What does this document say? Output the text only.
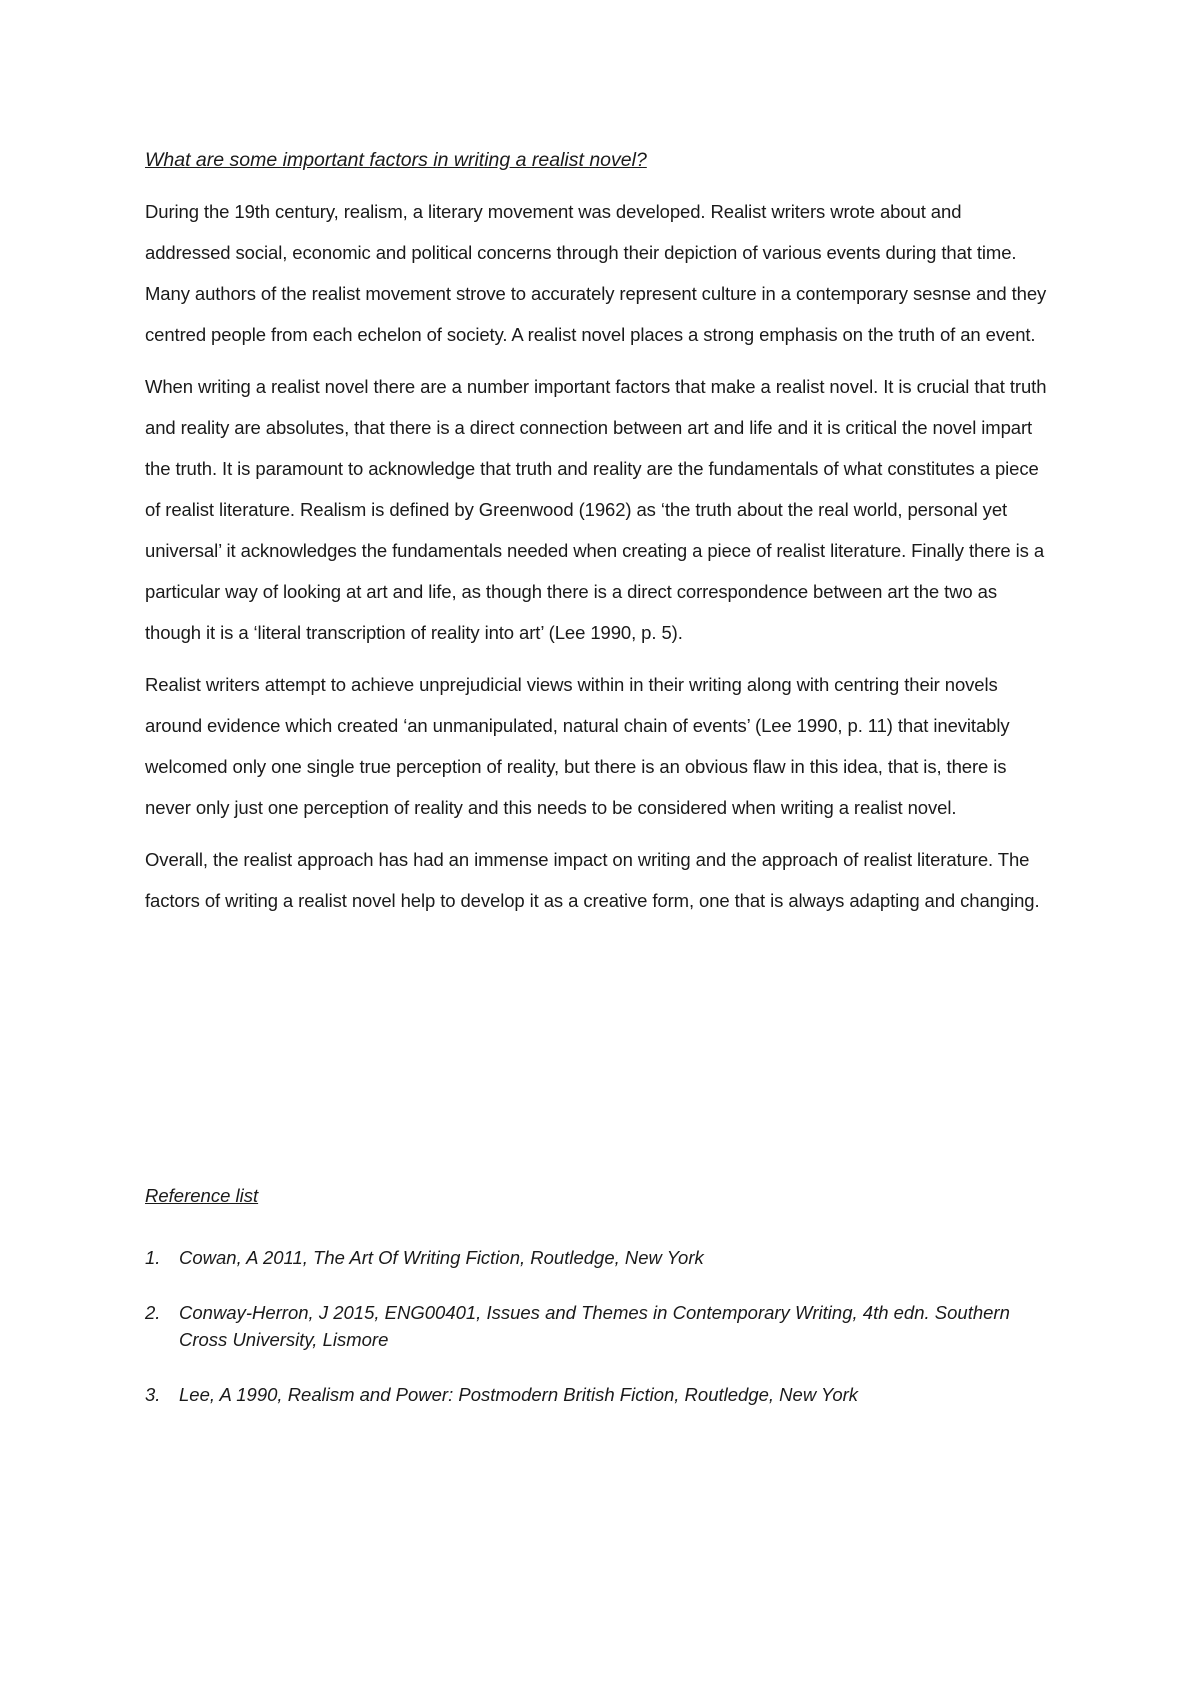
What are some important factors in writing a realist novel?

During the 19th century, realism, a literary movement was developed. Realist writers wrote about and addressed social, economic and political concerns through their depiction of various events during that time. Many authors of the realist movement strove to accurately represent culture in a contemporary sesnse and they centred people from each echelon of society. A realist novel places a strong emphasis on the truth of an event.

When writing a realist novel there are a number important factors that make a realist novel. It is crucial that truth and reality are absolutes, that there is a direct connection between art and life and it is critical the novel impart the truth. It is paramount to acknowledge that truth and reality are the fundamentals of what constitutes a piece of realist literature. Realism is defined by Greenwood (1962) as ‘the truth about the real world, personal yet universal’ it acknowledges the fundamentals needed when creating a piece of realist literature. Finally there is a particular way of looking at art and life, as though there is a direct correspondence between art the two as though it is a ‘literal transcription of reality into art’ (Lee 1990, p. 5).

Realist writers attempt to achieve unprejudicial views within in their writing along with centring their novels around evidence which created ‘an unmanipulated, natural chain of events’ (Lee 1990, p. 11) that inevitably welcomed only one single true perception of reality, but there is an obvious flaw in this idea, that is, there is never only just one perception of reality and this needs to be considered when writing a realist novel.

Overall, the realist approach has had an immense impact on writing and the approach of realist literature. The factors of writing a realist novel help to develop it as a creative form, one that is always adapting and changing.

Reference list
1. Cowan, A 2011, The Art Of Writing Fiction, Routledge, New York
2. Conway-Herron, J 2015, ENG00401, Issues and Themes in Contemporary Writing, 4th edn. Southern Cross University, Lismore
3. Lee, A 1990, Realism and Power: Postmodern British Fiction, Routledge, New York
